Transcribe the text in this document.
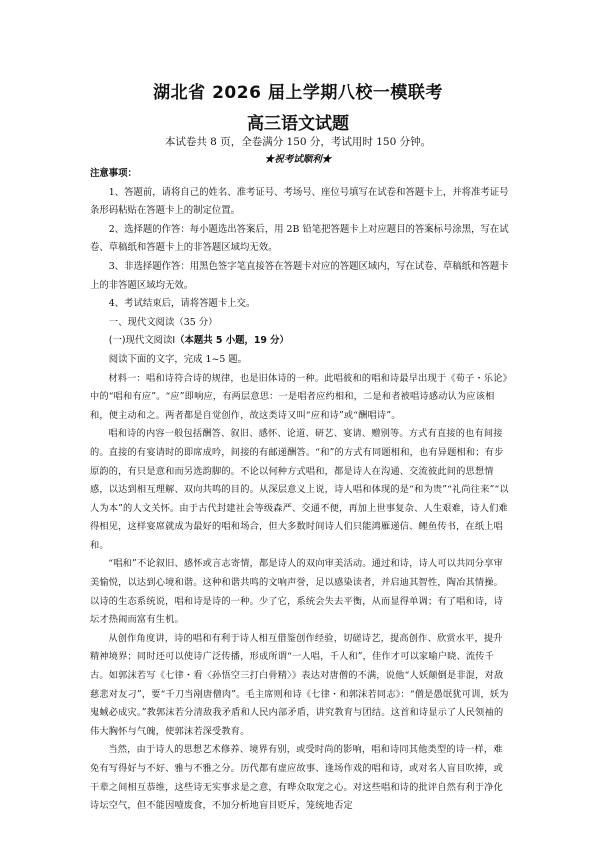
湖北省 2026 届上学期八校一模联考
高三语文试题
本试卷共 8 页，全卷满分 150 分，考试用时 150 分钟。
★祝考试顺利★

注意事项：

1、答题前，请将自己的姓名、准考证号、考场号、座位号填写在试卷和答题卡上，并将准考证号条形码粘贴在答题卡上的制定位置。

2、选择题的作答：每小题选出答案后，用 2B 铅笔把答题卡上对应题目的答案标号涂黑，写在试卷、草稿纸和答题卡上的非答题区域均无效。

3、非选择题作答：用黑色签字笔直接答在答题卡对应的答题区域内，写在试卷、草稿纸和答题卡上的非答题区域均无效。

4、考试结束后，请将答题卡上交。

一、现代文阅读（35 分）

(一)现代文阅读Ⅰ（本题共 5 小题，19 分）

阅读下面的文字，完成 1~5 题。

材料一：唱和诗符合诗的规律，也是旧体诗的一种。此唱彼和的唱和诗最早出现于《荀子・乐论》中的“唱和有应”。“应”即响应，有两层意思：一是唱者应约相和，二是和者被唱诗感动认为应该相和，便主动和之。两者都是自觉创作，故这类诗又叫“应和诗”或“酬唱诗”。

唱和诗的内容一般包括酬答、叙旧、感怀、论道、研艺、宴请、赠别等。方式有直接的也有间接的。直接的有宴请时的即席成吟，间接的有邮递酬答。“和”的方式有同题相和，也有异题相和；有步原韵的，有只是意和而另选韵脚的。不论以何种方式唱和，都是诗人在沟通、交流彼此间的思想情感，以达到相互理解、双向共鸣的目的。从深层意义上说，诗人唱和体现的是“和为贵”“礼尚往来”“以人为本”的人文关怀。由于古代封建社会等级森严、交通不便，再加上世事复杂、人生艰难，诗人们难得相见，这样宴席就成为最好的唱和场合，但大多数时间诗人们只能鸿雁递信、鲤鱼传书，在纸上唱和。

“唱和”不论叙旧、感怀或言志寄情，都是诗人的双向审美活动。通过和诗，诗人可以共同分享审美愉悦，以达到心境和谐。这种和谐共鸣的文响声誉，足以感染读者，并启迪其智性，陶冶其情操。以诗的生态系统说，唱和诗是诗的一种。少了它，系统会失去平衡，从而显得单调；有了唱和诗，诗坛才热闹而富有生机。

从创作角度讲，诗的唱和有利于诗人相互借鉴创作经验，切磋诗艺，提高创作、欣赏水平，提升精神境界；同时还可以使诗广泛传播，形成所谓“一人唱，千人和”，佳作才可以家喻户晓、流传千古。如郭沫若写《七律・看〈孙悟空三打白骨精〉》表达对唐僧的不满，说他“人妖颠倒是非混，对敌慈悲对友刁”，要“千刀当剐唐僧肉”。毛主席则和诗《七律・和郭沫若同志》：“僧是愚氓犹可训，妖为鬼蜮必成灾。”教郭沫若分清敌我矛盾和人民内部矛盾，讲究教育与团结。这首和诗显示了人民领袖的伟大胸怀与气魄，使郭沫若深受教育。

当然，由于诗人的思想艺术修养、境界有别，或受时尚的影响，唱和诗同其他类型的诗一样，难免有写得好与不好、雅与不雅之分。历代都有虚应故事、逢场作戏的唱和诗，或对名人盲目吹捧，或干辈之间相互恭维，这些诗无实事求是之意，有哗众取宠之心。对这些唱和诗的批评自然有利于净化诗坛空气，但不能因噎废食，不加分析地盲目贬斥，笼统地否定
